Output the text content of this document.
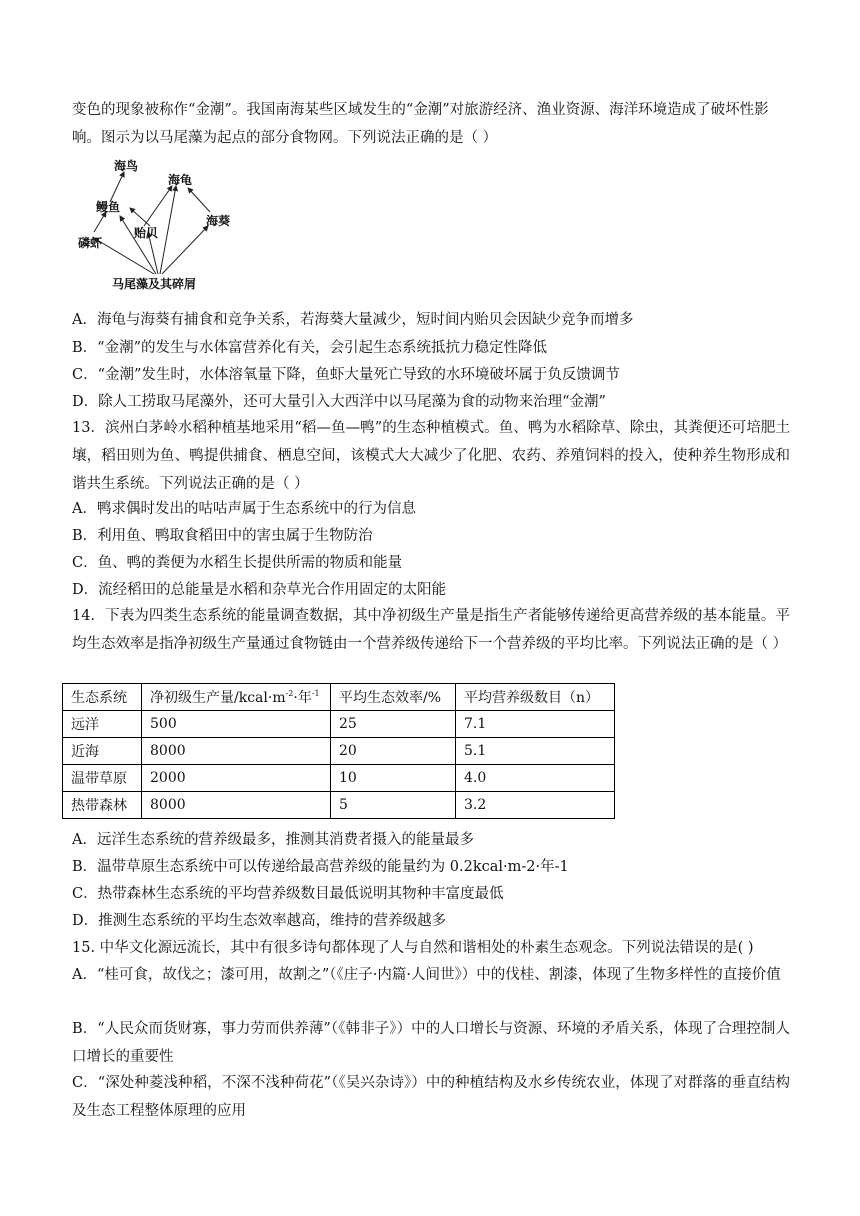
变色的现象被称作“金潮”。我国南海某些区域发生的“金潮”对旅游经济、渔业资源、海洋环境造成了破坏性影
响。图示为以马尾藻为起点的部分食物网。下列说法正确的是（ ）
海鸟
海龟
鳗鱼
贻贝
海葵
磷虾
马尾藻及其碎屑
A．海龟与海葵有捕食和竞争关系，若海葵大量减少，短时间内贻贝会因缺少竞争而增多
B．“金潮”的发生与水体富营养化有关，会引起生态系统抵抗力稳定性降低
C．“金潮”发生时，水体溶氧量下降，鱼虾大量死亡导致的水环境破坏属于负反馈调节
D．除人工捞取马尾藻外，还可大量引入大西洋中以马尾藻为食的动物来治理“金潮”
13．滨州白茅岭水稻种植基地采用“稻—鱼—鸭”的生态种植模式。鱼、鸭为水稻除草、除虫，其粪便还可培肥土壤，稻田则为鱼、鸭提供捕食、栖息空间，该模式大大减少了化肥、农药、养殖饲料的投入，使种养生物形成和谐共生系统。下列说法正确的是（ ）
A．鸭求偶时发出的咕咕声属于生态系统中的行为信息
B．利用鱼、鸭取食稻田中的害虫属于生物防治
C．鱼、鸭的粪便为水稻生长提供所需的物质和能量
D．流经稻田的总能量是水稻和杂草光合作用固定的太阳能
14．下表为四类生态系统的能量调查数据，其中净初级生产量是指生产者能够传递给更高营养级的基本能量。平均生态效率是指净初级生产量通过食物链由一个营养级传递给下一个营养级的平均比率。下列说法正确的是（ ）
生态系统	净初级生产量$/kcal\cdot m^{-2}\cdot$年$^{-1}$	平均生态效率/%	平均营养级数目（n）
远洋	500	25	7.1
近海	8000	20	5.1
温带草原	2000	10	4.0
热带森林	8000	5	3.2
A．远洋生态系统的营养级最多，推测其消费者摄入的能量最多
B．温带草原生态系统中可以传递给最高营养级的能量约为 0.2kcal·m-2·年-1
C．热带森林生态系统的平均营养级数目最低说明其物种丰富度最低
D．推测生态系统的平均生态效率越高，维持的营养级越多
15. 中华文化源远流长，其中有很多诗句都体现了人与自然和谐相处的朴素生态观念。下列说法错误的是( )
A．“桂可食，故伐之；漆可用，故割之”（《庄子·内篇·人间世》）中的伐桂、割漆，体现了生物多样性的直接价值
B．“人民众而货财寡，事力劳而供养薄”（《韩非子》）中的人口增长与资源、环境的矛盾关系，体现了合理控制人口增长的重要性
C．“深处种菱浅种稻，不深不浅种荷花”（《吴兴杂诗》）中的种植结构及水乡传统农业，体现了对群落的垂直结构及生态工程整体原理的应用
